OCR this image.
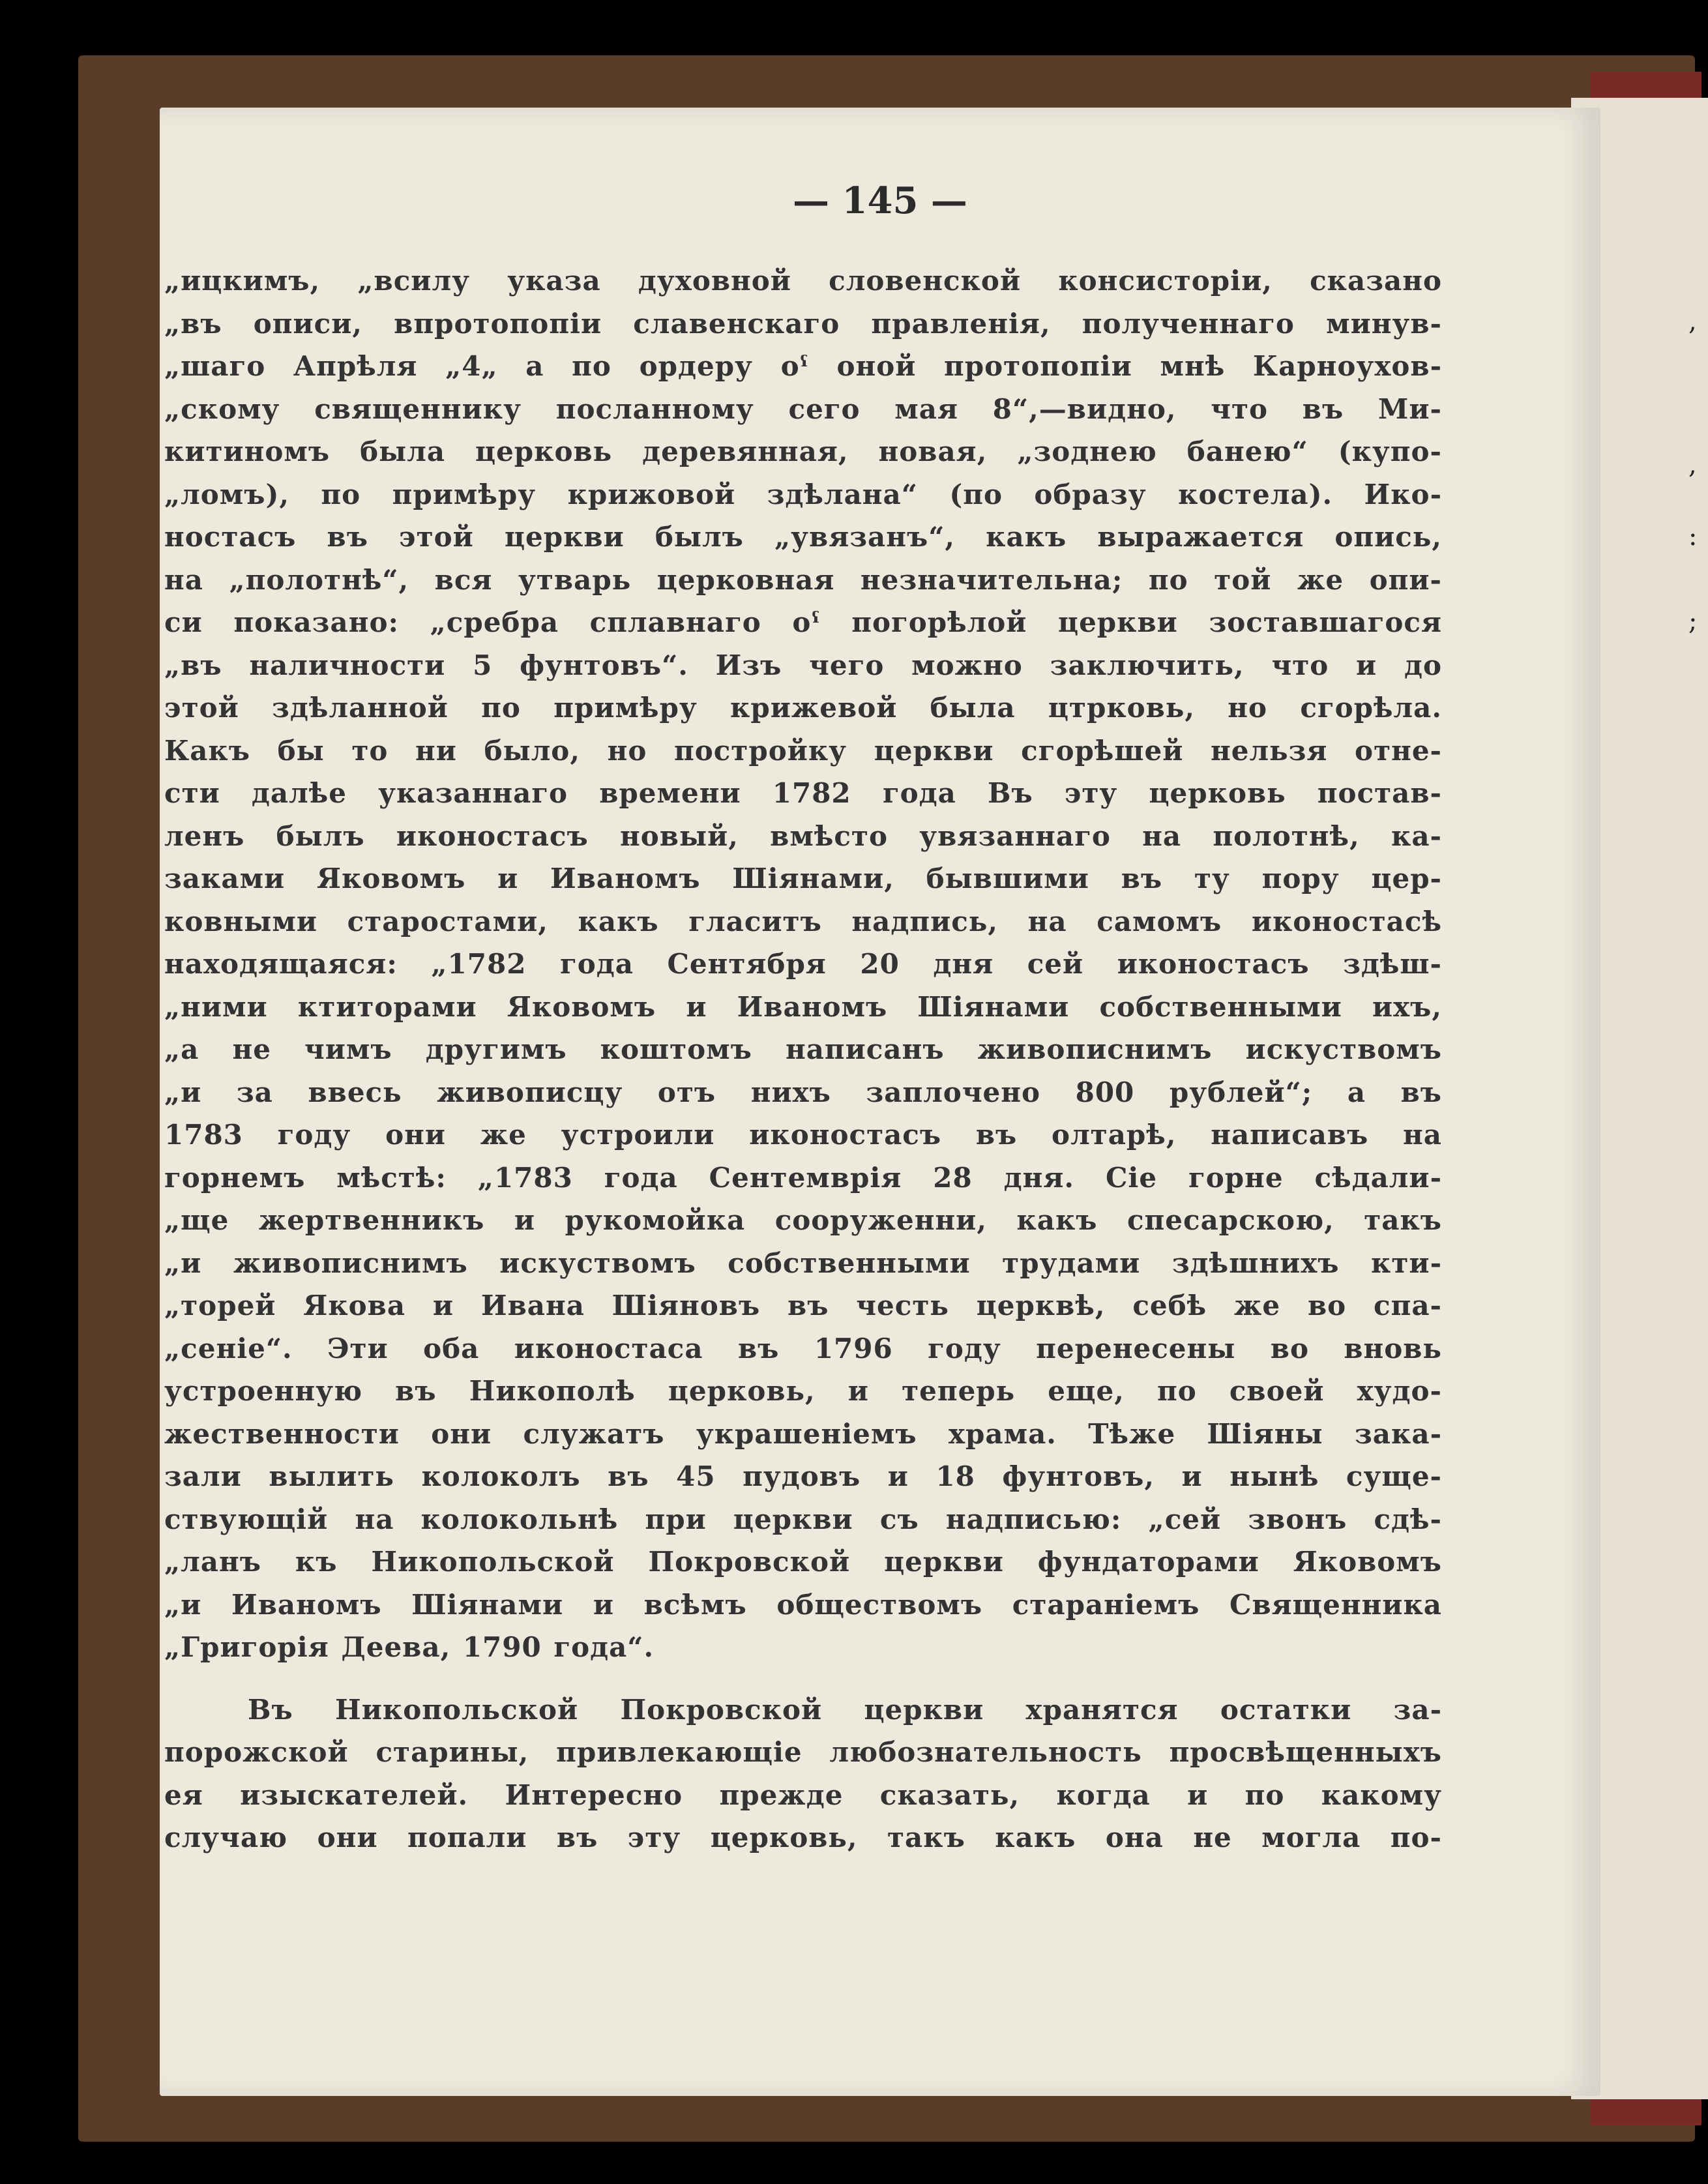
,
,
:
;
— 145 —
„ицкимъ, „всилу указа духовной словенской консисторіи, сказано
„въ описи, впротопопіи славенскаго правленія, полученнаго минув-
„шаго Апрѣля „4„ а по ордеру оˁ оной протопопіи мнѣ Карноухов-
„скому священнику посланному сего мая 8“,—видно, что въ Ми-
китиномъ была церковь деревянная, новая, „зоднею банею“ (купо-
„ломъ), по примѣру крижовой здѣлана“ (по образу костела). Ико-
ностасъ въ этой церкви былъ „увязанъ“, какъ выражается опись,
на „полотнѣ“, вся утварь церковная незначительна; по той же опи-
си показано: „сребра сплавнаго оˁ погорѣлой церкви зоставшагося
„въ наличности 5 фунтовъ“. Изъ чего можно заключить, что и до
этой здѣланной по примѣру крижевой была цтрковь, но сгорѣла.
Какъ бы то ни было, но постройку церкви сгорѣшей нельзя отне-
сти далѣе указаннаго времени 1782 года Въ эту церковь постав-
ленъ былъ иконостасъ новый, вмѣсто увязаннаго на полотнѣ, ка-
заками Яковомъ и Иваномъ Шіянами, бывшими въ ту пору цер-
ковными старостами, какъ гласитъ надпись, на самомъ иконостасѣ
находящаяся: „1782 года Сентября 20 дня сей иконостасъ здѣш-
„ними ктиторами Яковомъ и Иваномъ Шіянами собственными ихъ,
„а не чимъ другимъ коштомъ написанъ живописнимъ искуствомъ
„и за ввесь живописцу отъ нихъ заплочено 800 рублей“; а въ
1783 году они же устроили иконостасъ въ олтарѣ, написавъ на
горнемъ мѣстѣ: „1783 года Сентемврія 28 дня. Сіе горне сѣдали-
„ще жертвенникъ и рукомойка сооруженни, какъ спесарскою, такъ
„и живописнимъ искуствомъ собственными трудами здѣшнихъ кти-
„торей Якова и Ивана Шіяновъ въ честь церквѣ, себѣ же во спа-
„сеніе“. Эти оба иконостаса въ 1796 году перенесены во вновь
устроенную въ Никополѣ церковь, и теперь еще, по своей худо-
жественности они служатъ украшеніемъ храма. Тѣже Шіяны зака-
зали вылить колоколъ въ 45 пудовъ и 18 фунтовъ, и нынѣ суще-
ствующій на колокольнѣ при церкви съ надписью: „сей звонъ сдѣ-
„ланъ къ Никопольской Покровской церкви фундаторами Яковомъ
„и Иваномъ Шіянами и всѣмъ обществомъ стараніемъ Священника
„Григорія Деева, 1790 года“.
Въ Никопольской Покровской церкви хранятся остатки за-
порожской старины, привлекающіе любознательность просвѣщенныхъ
ея изыскателей. Интересно прежде сказать, когда и по какому
случаю они попали въ эту церковь, такъ какъ она не могла по-
